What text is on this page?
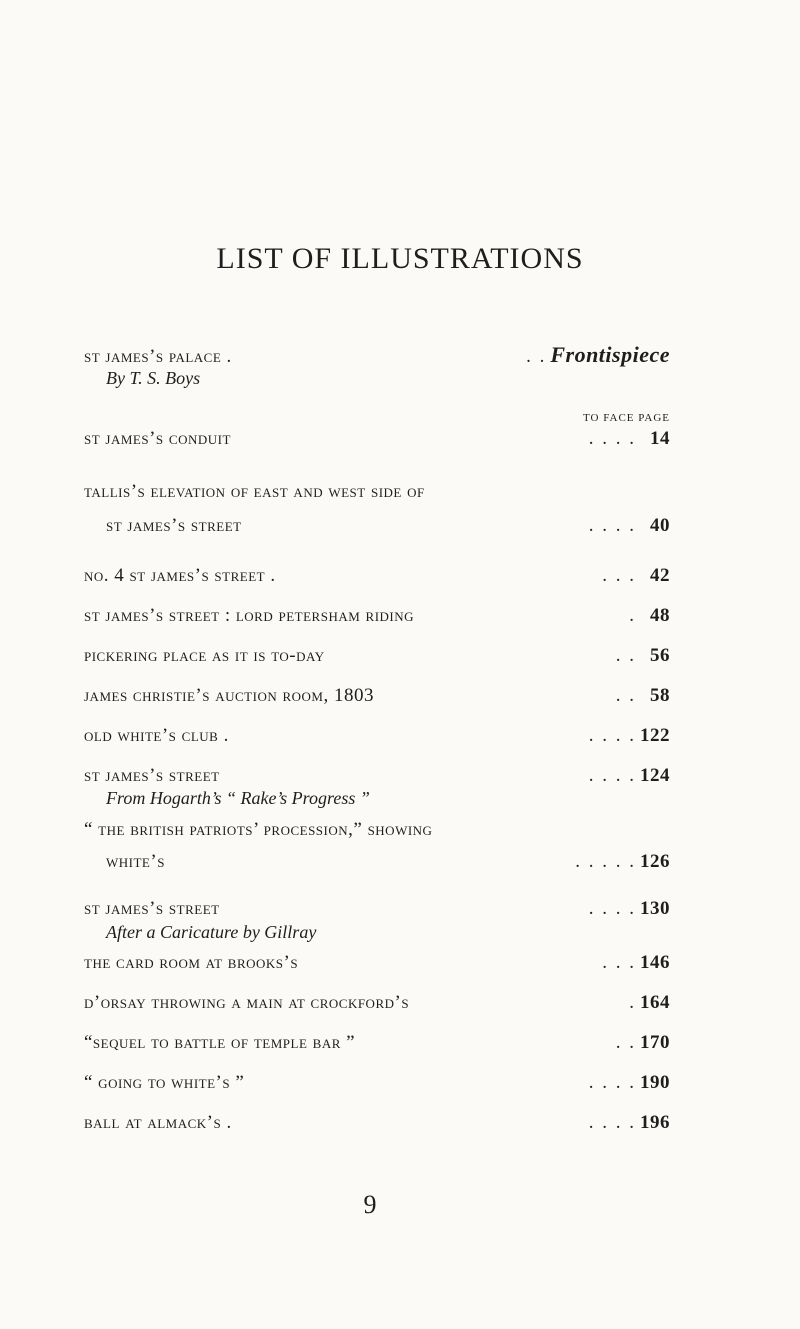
LIST OF ILLUSTRATIONS
st james’s palace .	. . Frontispiece
By T. S. Boys
TO FACE PAGE
st james’s conduit	. . . . 14
tallis’s elevation of east and west side of
st james’s street	. . . . 40
no. 4 st james’s street .	. . . 42
st james’s street : lord petersham riding	. 48
pickering place as it is to-day	. . 56
james christie’s auction room, 1803	. . 58
old white’s club .	. . . . 122
st james’s street	. . . . 124
From Hogarth’s “ Rake’s Progress ”
“ the british patriots’ procession,” showing
white’s	. . . . . 126
st james’s street	. . . . 130
After a Caricature by Gillray
the card room at brooks’s	. . . 146
d’orsay throwing a main at crockford’s	. 164
“sequel to battle of temple bar ”	. . 170
“ going to white’s ”	. . . . 190
ball at almack’s .	. . . . 196
9
